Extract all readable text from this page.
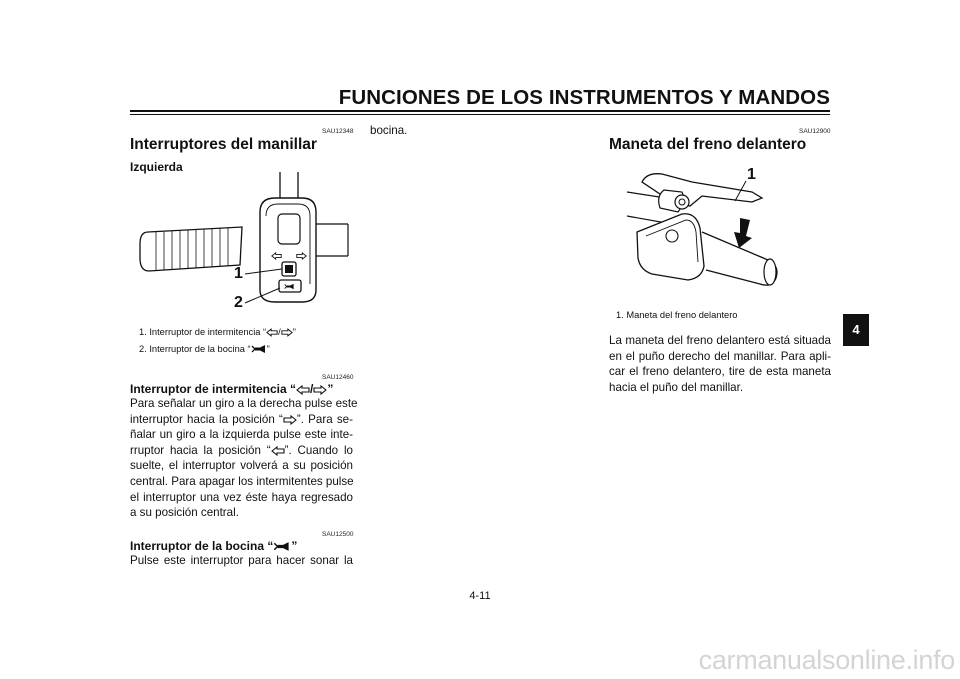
FUNCIONES DE LOS INSTRUMENTOS Y MANDOS
SAU12348
Interruptores del manillar
Izquierda
1
2
1. Interruptor de intermitencia “ / ”
2. Interruptor de la bocina “ ”
SAU12460
Interruptor de intermitencia “ / ”
Para señalar un giro a la derecha pulse este
interruptor hacia la posición “ ”. Para se-
ñalar un giro a la izquierda pulse este inte-
rruptor hacia la posición “ ”. Cuando lo
suelte, el interruptor volverá a su posición
central. Para apagar los intermitentes pulse
el interruptor una vez éste haya regresado
a su posición central.
SAU12500
Interruptor de la bocina “ ”
Pulse este interruptor para hacer sonar la
bocina.	SAU12900
Maneta del freno delantero
1
1. Maneta del freno delantero
La maneta del freno delantero está situada
en el puño derecho del manillar. Para apli-
car el freno delantero, tire de esta maneta
hacia el puño del manillar.
4
4-11
carmanualsonline.info
